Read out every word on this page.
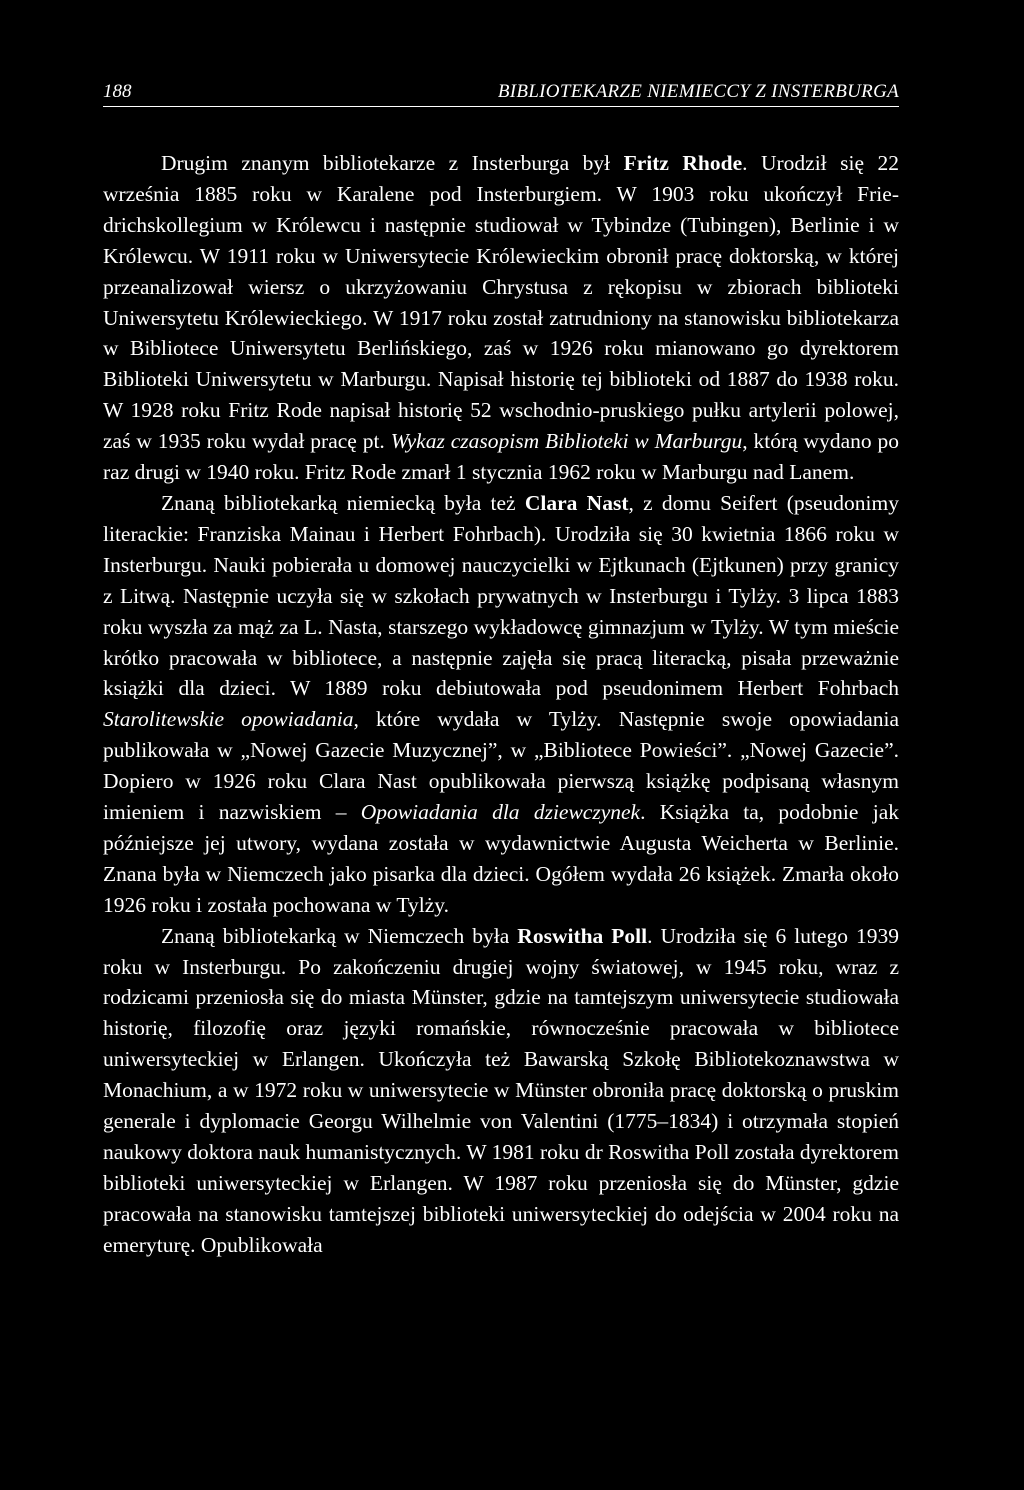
188	BIBLIOTEKARZE NIEMIECCY Z INSTERBURGA

Drugim znanym bibliotekarze z Insterburga był Fritz Rhode. Urodził się 22 września 1885 roku w Karalene pod Insterburgiem. W 1903 roku ukończył Friedrichskollegium w Królewcu i następnie studiował w Tybindze (Tubingen), Berlinie i w Królewcu. W 1911 roku w Uniwersytecie Królewieckim obronił pracę doktorską, w której przeanalizował wiersz o ukrzyżowaniu Chrystusa z rękopisu w zbiorach biblioteki Uniwersytetu Królewieckiego. W 1917 roku został zatrudniony na stanowisku bibliotekarza w Bibliotece Uniwersytetu Berlińskiego, zaś w 1926 roku mianowano go dyrektorem Biblioteki Uniwersytetu w Marburgu. Napisał historię tej biblioteki od 1887 do 1938 roku. W 1928 roku Fritz Rode napisał historię 52 wschodnio-pruskiego pułku artylerii polowej, zaś w 1935 roku wydał pracę pt. Wykaz czasopism Biblioteki w Marburgu, którą wydano po raz drugi w 1940 roku. Fritz Rode zmarł 1 stycznia 1962 roku w Marburgu nad Lanem.

Znaną bibliotekarką niemiecką była też Clara Nast, z domu Seifert (pseudonimy literackie: Franziska Mainau i Herbert Fohrbach). Urodziła się 30 kwietnia 1866 roku w Insterburgu. Nauki pobierała u domowej nauczycielki w Ejtkunach (Ejtkunen) przy granicy z Litwą. Następnie uczyła się w szkołach prywatnych w Insterburgu i Tylży. 3 lipca 1883 roku wyszła za mąż za L. Nasta, starszego wykładowcę gimnazjum w Tylży. W tym mieście krótko pracowała w bibliotece, a następnie zajęła się pracą literacką, pisała przeważnie książki dla dzieci. W 1889 roku debiutowała pod pseudonimem Herbert Fohrbach Starolitewskie opowiadania, które wydała w Tylży. Następnie swoje opowiadania publikowała w „Nowej Gazecie Muzycznej”, w „Bibliotece Powieści”. „Nowej Gazecie”. Dopiero w 1926 roku Clara Nast opublikowała pierwszą książkę podpisaną własnym imieniem i nazwiskiem – Opowiadania dla dziewczynek. Książka ta, podobnie jak późniejsze jej utwory, wydana została w wydawnictwie Augusta Weicherta w Berlinie. Znana była w Niemczech jako pisarka dla dzieci. Ogółem wydała 26 książek. Zmarła około 1926 roku i została pochowana w Tylży.

Znaną bibliotekarką w Niemczech była Roswitha Poll. Urodziła się 6 lutego 1939 roku w Insterburgu. Po zakończeniu drugiej wojny światowej, w 1945 roku, wraz z rodzicami przeniosła się do miasta Münster, gdzie na tamtejszym uniwersytecie studiowała historię, filozofię oraz języki romańskie, równocześnie pracowała w bibliotece uniwersyteckiej w Erlangen. Ukończyła też Bawarską Szkołę Bibliotekoznawstwa w Monachium, a w 1972 roku w uniwersytecie w Münster obroniła pracę doktorską o pruskim generale i dyplomacie Georgu Wilhelmie von Valentini (1775–1834) i otrzymała stopień naukowy doktora nauk humanistycznych. W 1981 roku dr Roswitha Poll została dyrektorem biblioteki uniwersyteckiej w Erlangen. W 1987 roku przeniosła się do Münster, gdzie pracowała na stanowisku tamtejszej biblioteki uniwersyteckiej do odejścia w 2004 roku na emeryturę. Opublikowała
